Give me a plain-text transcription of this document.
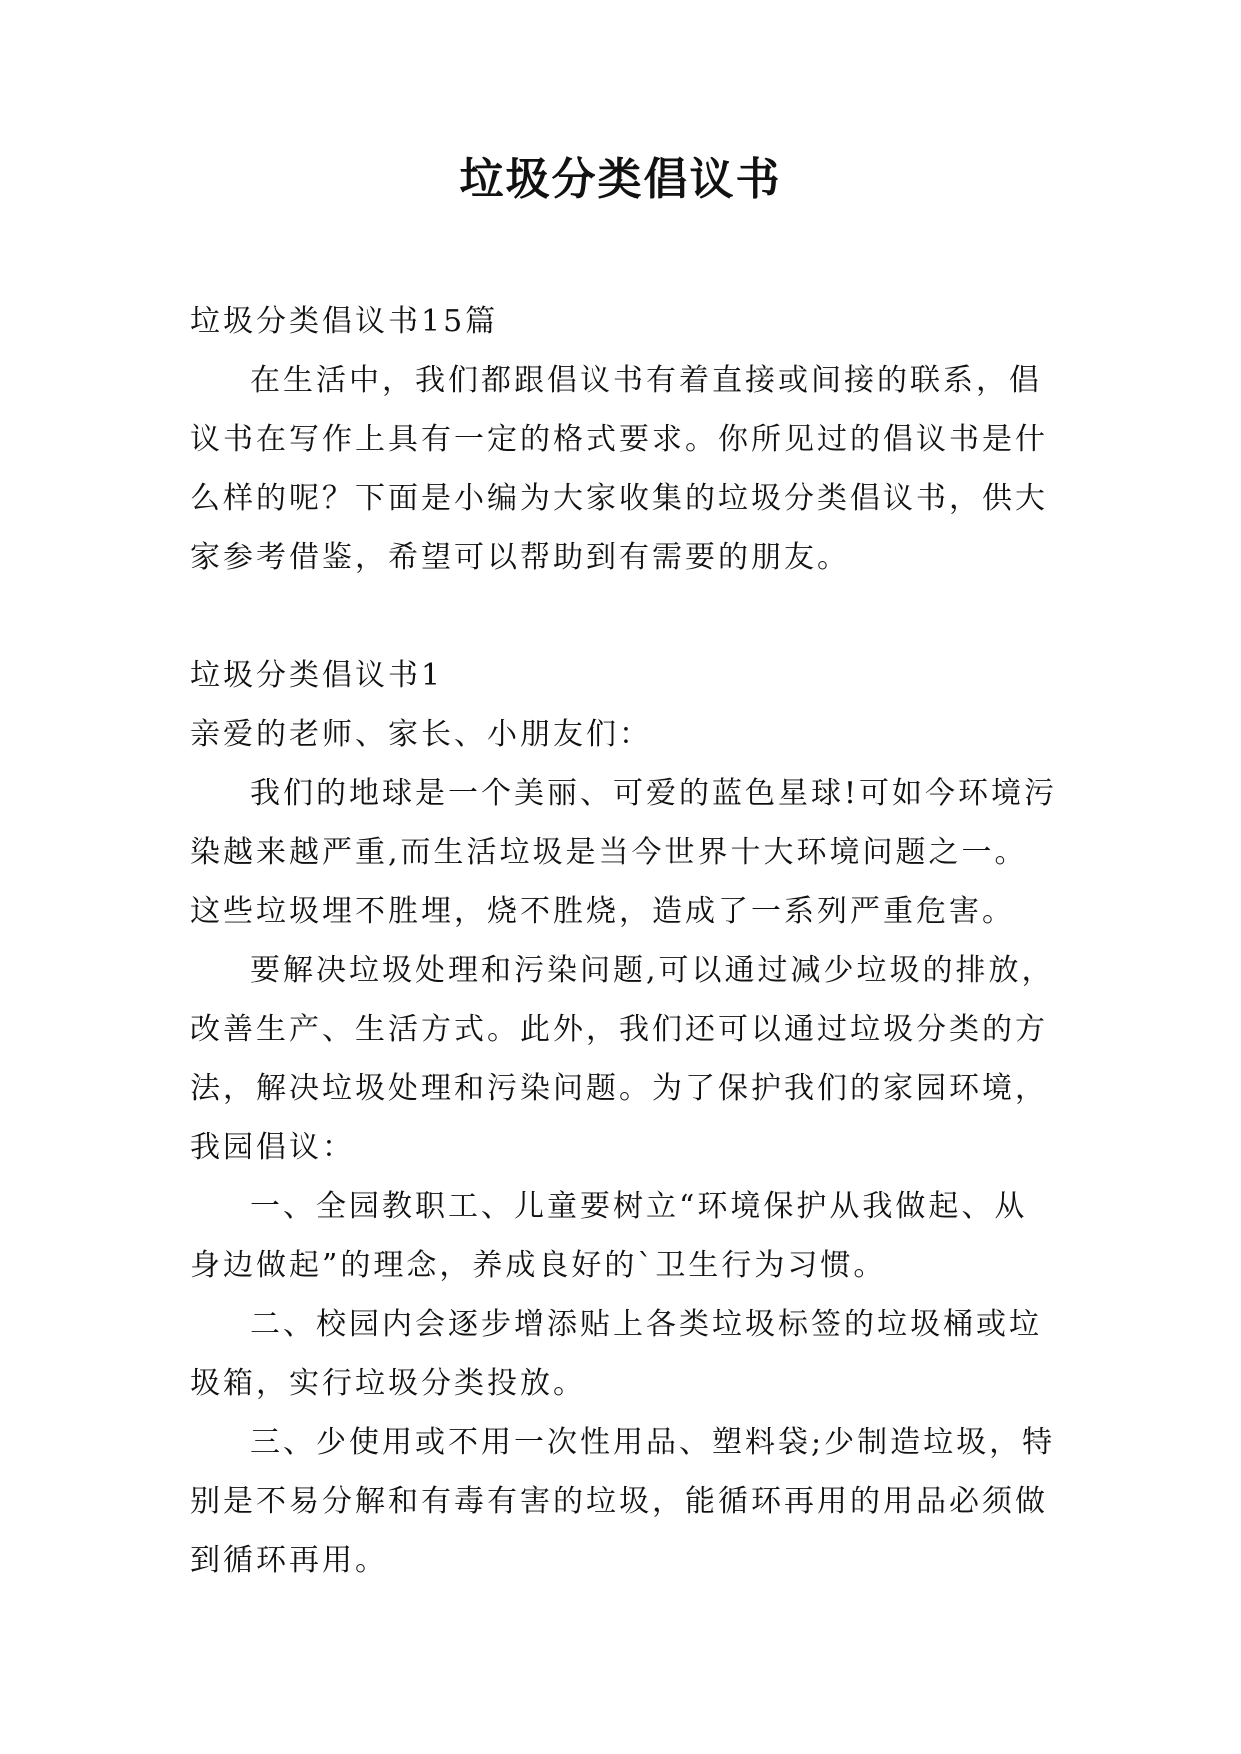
垃圾分类倡议书

垃圾分类倡议书15篇

在生活中，我们都跟倡议书有着直接或间接的联系，倡议书在写作上具有一定的格式要求。你所见过的倡议书是什么样的呢？下面是小编为大家收集的垃圾分类倡议书，供大家参考借鉴，希望可以帮助到有需要的朋友。

垃圾分类倡议书1

亲爱的老师、家长、小朋友们：

我们的地球是一个美丽、可爱的蓝色星球!可如今环境污染越来越严重,而生活垃圾是当今世界十大环境问题之一。这些垃圾埋不胜埋，烧不胜烧，造成了一系列严重危害。

要解决垃圾处理和污染问题,可以通过减少垃圾的排放，改善生产、生活方式。此外，我们还可以通过垃圾分类的方法，解决垃圾处理和污染问题。为了保护我们的家园环境，我园倡议：

一、全园教职工、儿童要树立“环境保护从我做起、从身边做起”的理念，养成良好的`卫生行为习惯。

二、校园内会逐步增添贴上各类垃圾标签的垃圾桶或垃圾箱，实行垃圾分类投放。

三、少使用或不用一次性用品、塑料袋;少制造垃圾，特别是不易分解和有毒有害的垃圾，能循环再用的用品必须做到循环再用。
